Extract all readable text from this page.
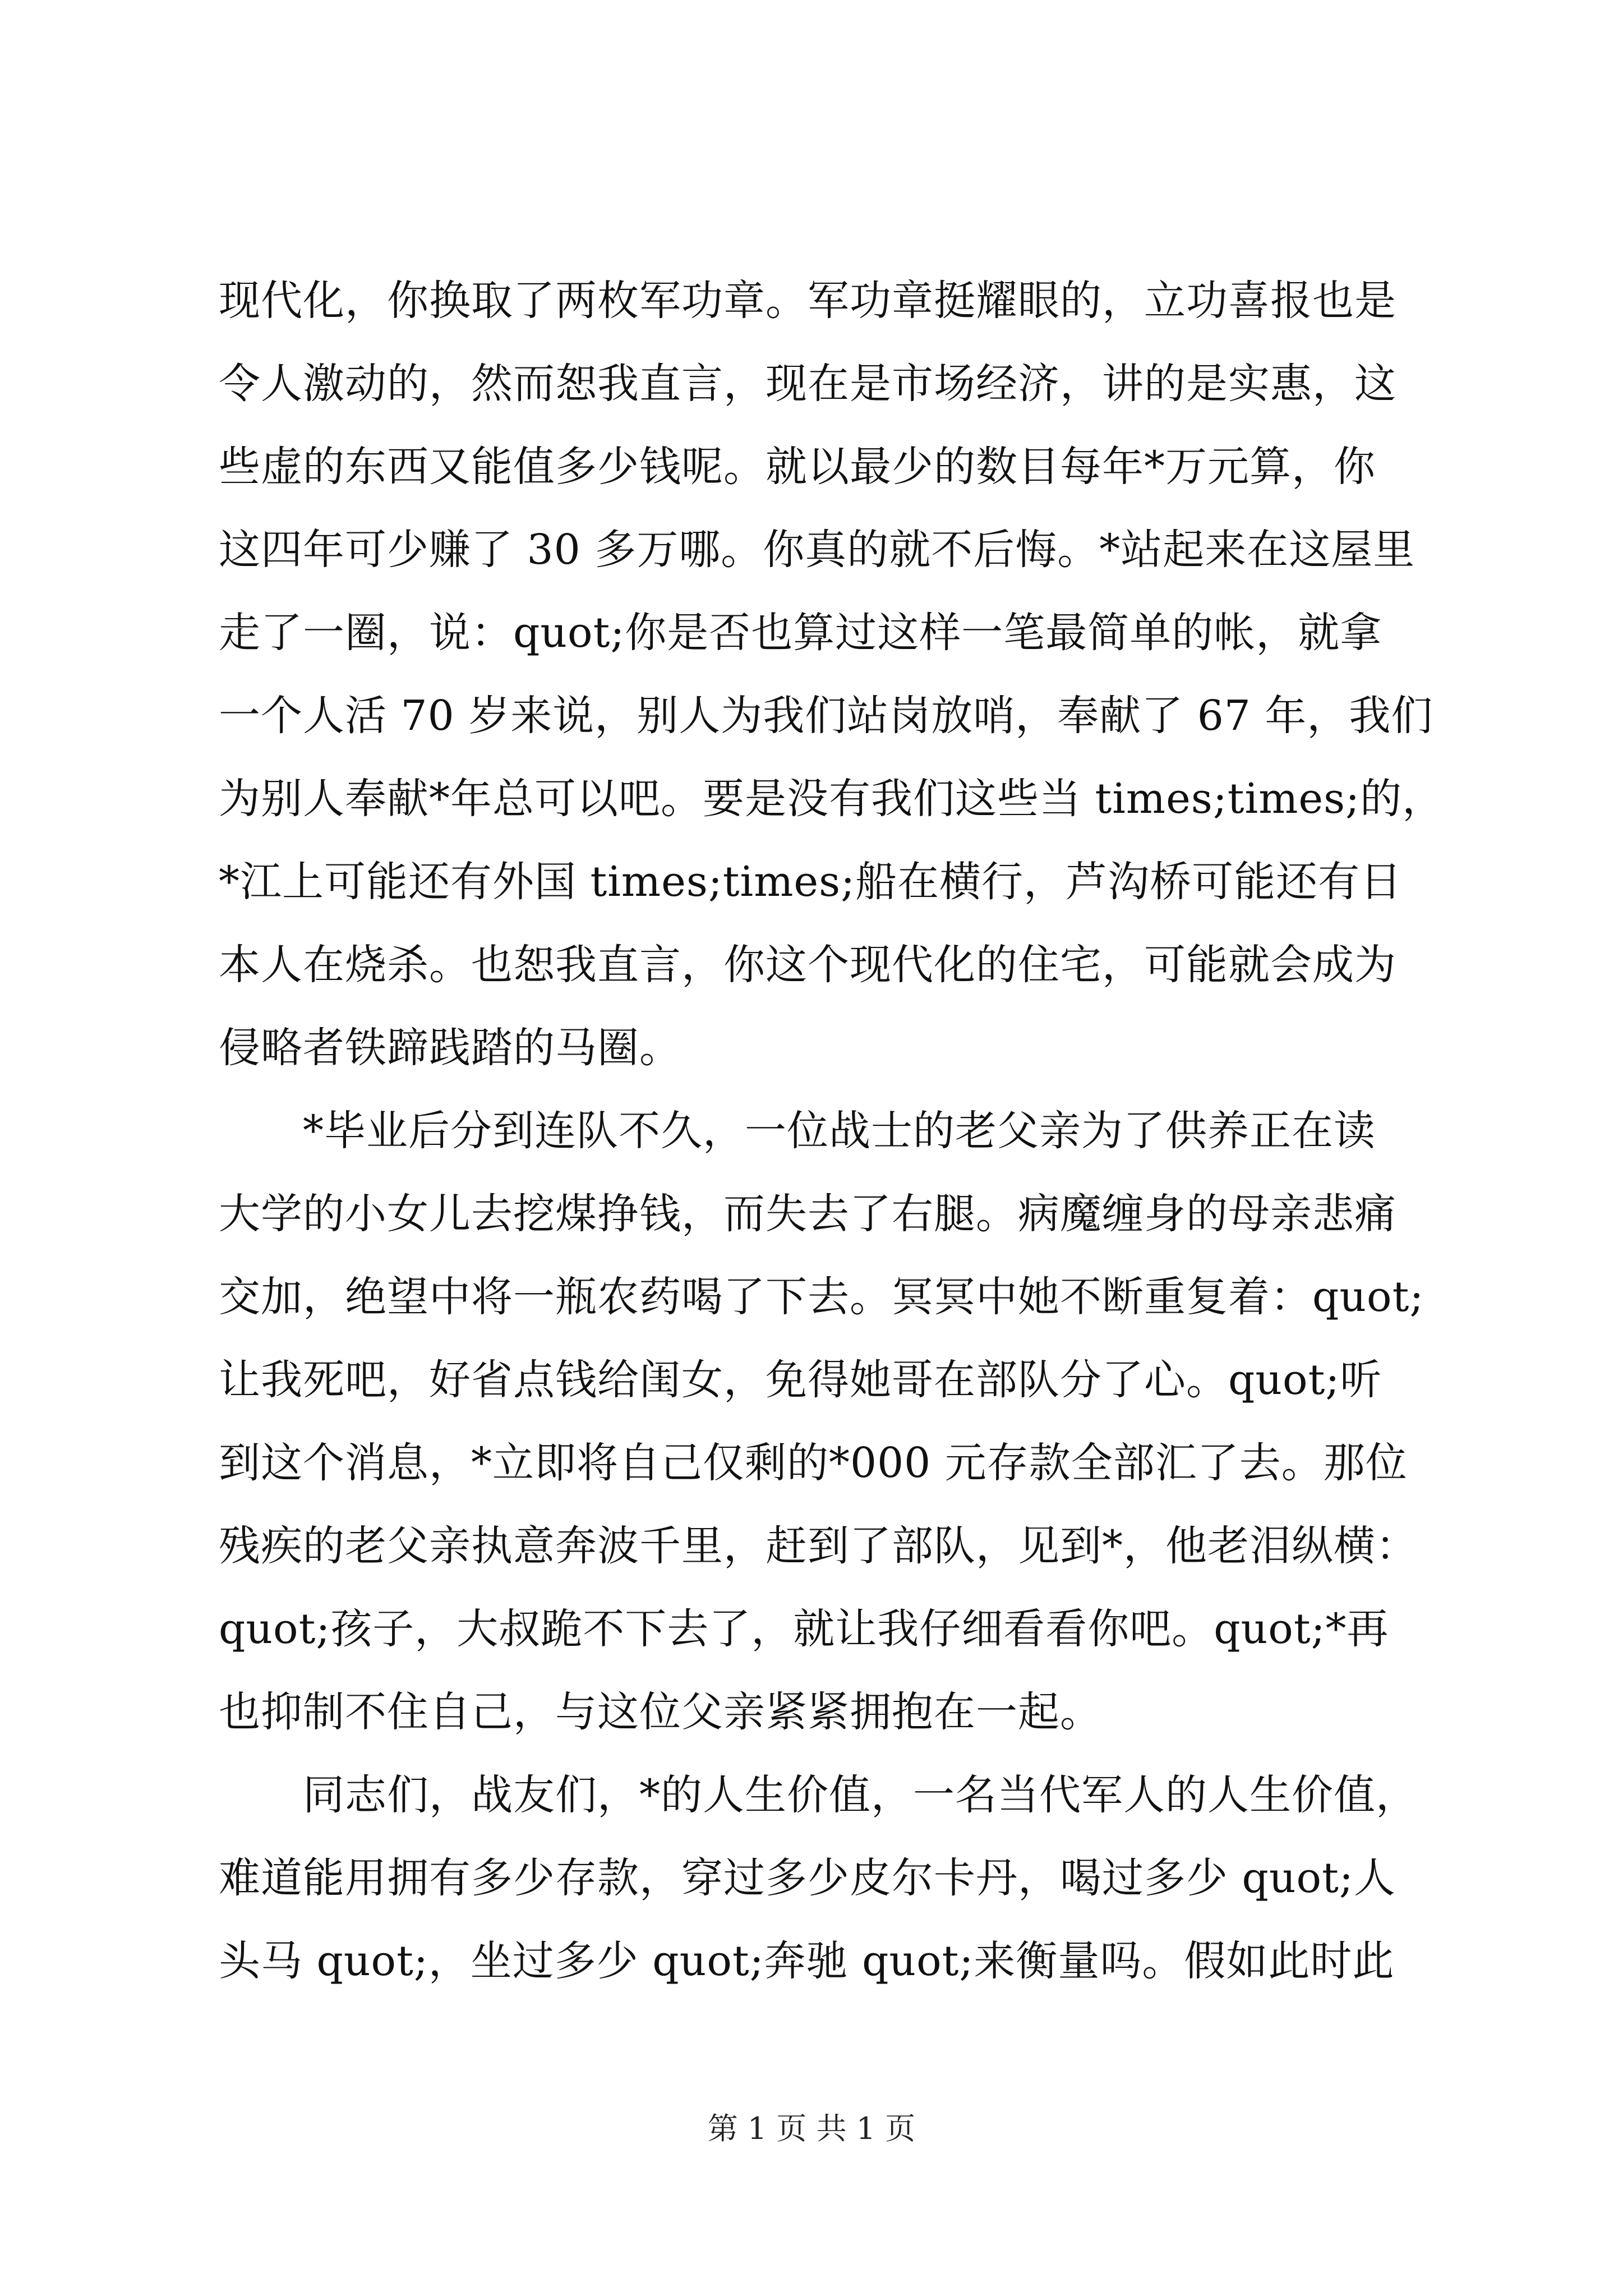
现代化，你换取了两枚军功章。军功章挺耀眼的，立功喜报也是
令人激动的，然而恕我直言，现在是市场经济，讲的是实惠，这
些虚的东西又能值多少钱呢。就以最少的数目每年*万元算，你
这四年可少赚了 30 多万哪。你真的就不后悔。*站起来在这屋里
走了一圈，说：quot;你是否也算过这样一笔最简单的帐，就拿
一个人活 70 岁来说，别人为我们站岗放哨，奉献了 67 年，我们
为别人奉献*年总可以吧。要是没有我们这些当 times;times;的，
*江上可能还有外国 times;times;船在横行，芦沟桥可能还有日
本人在烧杀。也恕我直言，你这个现代化的住宅，可能就会成为
侵略者铁蹄践踏的马圈。
　　*毕业后分到连队不久，一位战士的老父亲为了供养正在读
大学的小女儿去挖煤挣钱，而失去了右腿。病魔缠身的母亲悲痛
交加，绝望中将一瓶农药喝了下去。冥冥中她不断重复着：quot;
让我死吧，好省点钱给闺女，免得她哥在部队分了心。quot;听
到这个消息，*立即将自己仅剩的*000 元存款全部汇了去。那位
残疾的老父亲执意奔波千里，赶到了部队，见到*，他老泪纵横：
quot;孩子，大叔跪不下去了，就让我仔细看看你吧。quot;*再
也抑制不住自己，与这位父亲紧紧拥抱在一起。
　　同志们，战友们，*的人生价值，一名当代军人的人生价值，
难道能用拥有多少存款，穿过多少皮尔卡丹，喝过多少 quot;人
头马 quot;，坐过多少 quot;奔驰 quot;来衡量吗。假如此时此
第 1 页 共 1 页
